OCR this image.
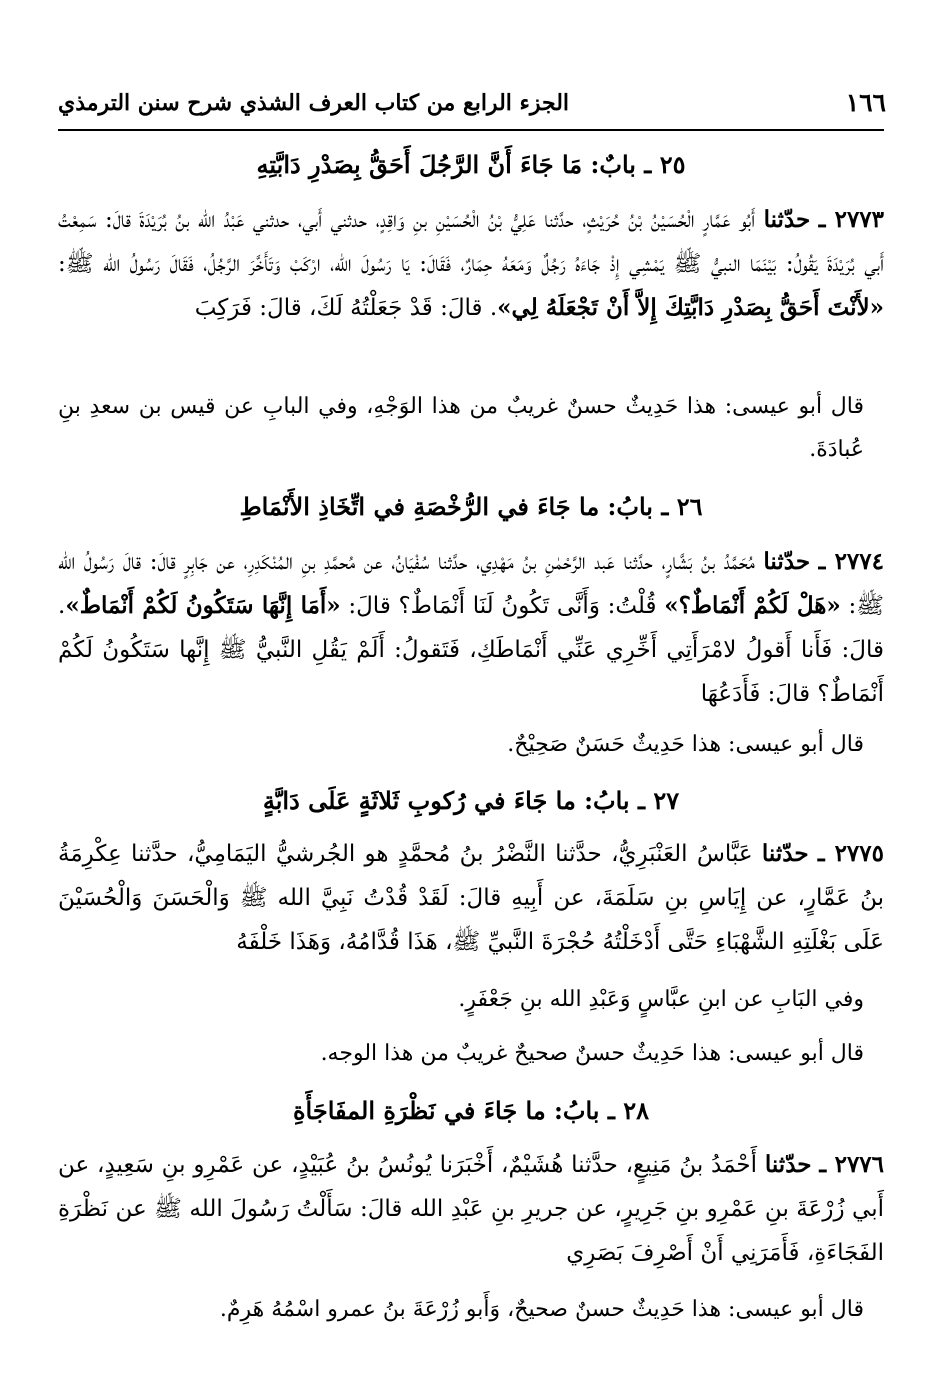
١٦٦
الجزء الرابع من كتاب العرف الشذي شرح سنن الترمذي
٢٥ ـ بابٌ: مَا جَاءَ أَنَّ الرَّجُلَ أَحَقُّ بِصَدْرِ دَابَّتِهِ
٢٧٧٣ ـ حدّثنا أَبُو عَمَّارٍ الْحُسَيْنُ بْنُ حُرَيْثٍ، حدَّثنا عَلِيُّ بْنُ الْحُسَيْنِ بنِ وَاقِدٍ، حدثني أَبي، حدثني عَبْدُ الله بنُ بُرَيْدَةَ قالَ: سَمِعْتُ أَبي بُرَيْدَةَ يَقُولُ: بَيْنَمَا النبيُّ ﷺ يَمْشِي إِذْ جَاءَهُ رَجُلٌ وَمَعَهُ حِمَارٌ، فَقَالَ: يَا رَسُولَ الله، ارْكَبْ وَتَأَخَّرَ الرَّجُلُ، فَقَالَ رَسُولُ الله ﷺ: «لأَنْتَ أَحَقُّ بِصَدْرِ دَابَّتِكَ إِلاَّ أَنْ تَجْعَلَهُ لِي». قالَ: قَدْ جَعَلْتُهُ لَكَ، قالَ: فَرَكِبَ
قال أبو عيسى: هذا حَدِيثٌ حسنٌ غريبٌ من هذا الوَجْهِ، وفي البابِ عن قيس بن سعدِ بنِ عُبادَةَ.
٢٦ ـ بابُ: ما جَاءَ في الرُّخْصَةِ في اتِّخَاذِ الأَنْمَاطِ
٢٧٧٤ ـ حدّثنا مُحَمَّدُ بنُ بَشَّارٍ، حدَّثنا عَبد الرَّحْمٰنِ بنُ مَهْدِي، حدَّثنا سُفْيَانُ، عن مُحمَّدِ بنِ المُنْكَدِرِ، عن جَابِرٍ قالَ: قالَ رَسُولُ الله ﷺ: «هَلْ لَكُمْ أَنْمَاطٌ؟» قُلْتُ: وَأَنَّى تَكُونُ لَنَا أَنْمَاطٌ؟ قالَ: «أَمَا إِنَّهَا سَتَكُونُ لَكُمْ أَنْمَاطٌ». قالَ: فَأَنا أَقولُ لامْرَأَتِي أَخِّرِي عَنِّي أَنْمَاطَكِ، فَتَقولُ: أَلَمْ يَقُلِ النَّبيُّ ﷺ إِنَّها سَتَكُونُ لَكُمْ أَنْمَاطٌ؟ قالَ: فَأَدَعُهَا
قال أبو عيسى: هذا حَدِيثٌ حَسَنٌ صَحِيْحٌ.
٢٧ ـ بابُ: ما جَاءَ في رُكوبِ ثَلاثَةٍ عَلَى دَابَّةٍ
٢٧٧٥ ـ حدّثنا عَبَّاسُ العَنْبَرِيُّ، حدَّثنا النَّضْرُ بنُ مُحمَّدٍ هو الجُرشيُّ اليَمَامِيُّ، حدَّثنا عِكْرِمَةُ بنُ عَمَّارٍ، عن إِيَاسِ بنِ سَلَمَةَ، عن أَبِيهِ قالَ: لَقَدْ قُدْتُ نَبِيَّ الله ﷺ وَالْحَسَنَ وَالْحُسَيْنَ عَلَى بَغْلَتِهِ الشَّهْبَاءِ حَتَّى أَدْخَلْتُهُ حُجْرَةَ النَّبيِّ ﷺ، هَذَا قُدَّامُهُ، وَهَذَا خَلْفَهُ
وفي البَابِ عن ابنِ عبَّاسٍ وَعَبْدِ الله بنِ جَعْفَرٍ.
قال أبو عيسى: هذا حَدِيثٌ حسنٌ صحيحٌ غريبٌ من هذا الوجه.
٢٨ ـ بابُ: ما جَاءَ في نَظْرَةِ المفَاجَأَةِ
٢٧٧٦ ـ حدّثنا أَحْمَدُ بنُ مَنِيعٍ، حدَّثنا هُشَيْمٌ، أَخْبَرَنا يُونُسُ بنُ عُبَيْدٍ، عن عَمْرِو بنِ سَعِيدٍ، عن أَبي زُرْعَةَ بنِ عَمْرِو بنِ جَرِيرٍ، عن جريرِ بنِ عَبْدِ الله قالَ: سَأَلْتُ رَسُولَ الله ﷺ عن نَظْرَةِ الفَجَاءَةِ، فَأَمَرَنِي أَنْ أَصْرِفَ بَصَرِي
قال أبو عيسى: هذا حَدِيثٌ حسنٌ صحيحٌ، وَأَبو زُرْعَةَ بنُ عمرو اسْمُهُ هَرِمٌ.
